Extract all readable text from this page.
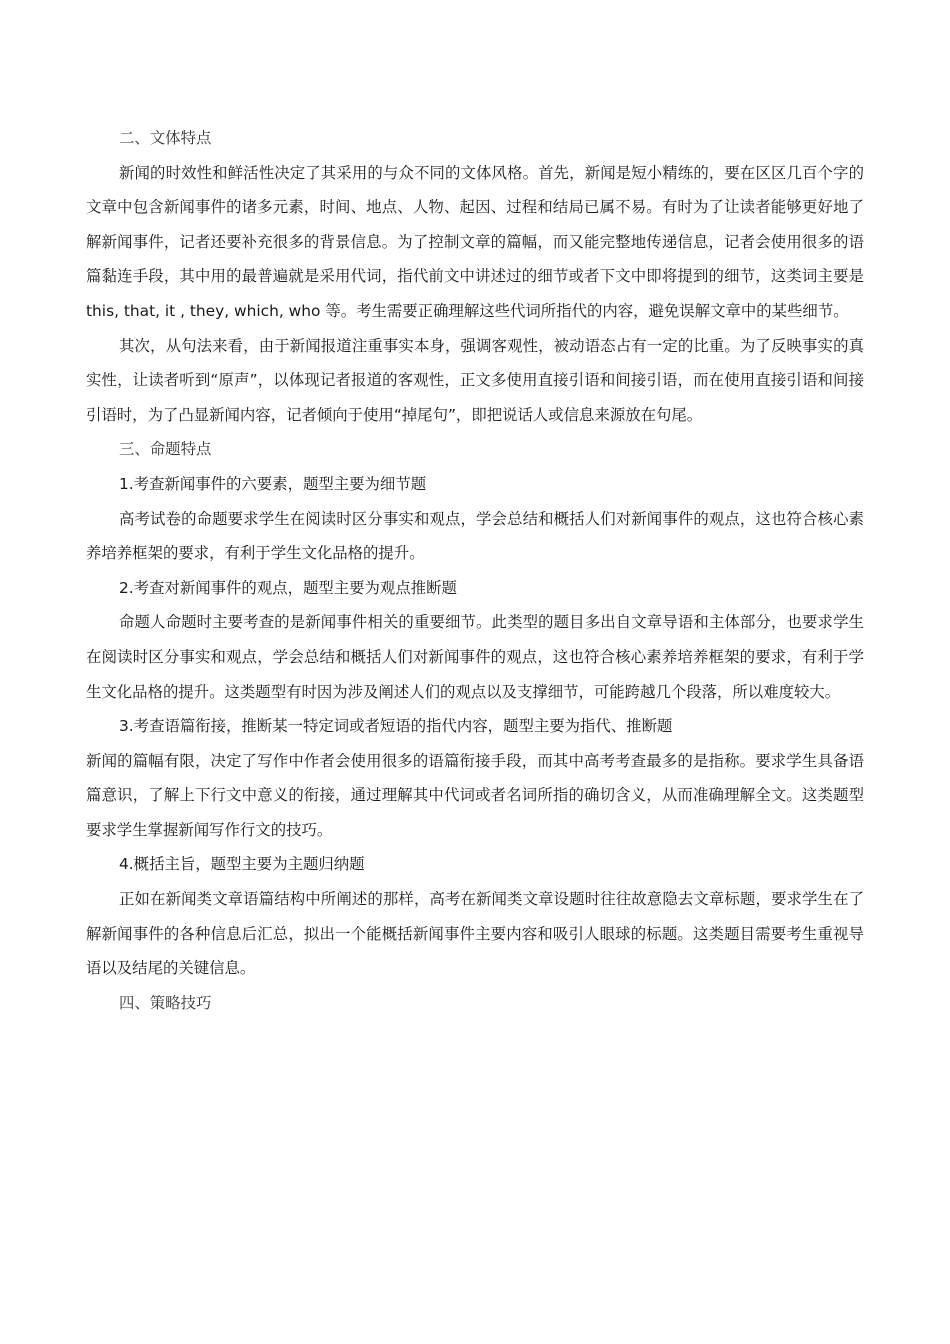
二、文体特点

新闻的时效性和鲜活性决定了其采用的与众不同的文体风格。首先，新闻是短小精练的，要在区区几百个字的文章中包含新闻事件的诸多元素，时间、地点、人物、起因、过程和结局已属不易。有时为了让读者能够更好地了解新闻事件，记者还要补充很多的背景信息。为了控制文章的篇幅，而又能完整地传递信息，记者会使用很多的语篇黏连手段，其中用的最普遍就是采用代词，指代前文中讲述过的细节或者下文中即将提到的细节，这类词主要是 this, that, it , they, which, who 等。考生需要正确理解这些代词所指代的内容，避免误解文章中的某些细节。

其次，从句法来看，由于新闻报道注重事实本身，强调客观性，被动语态占有一定的比重。为了反映事实的真实性，让读者听到“原声”，以体现记者报道的客观性，正文多使用直接引语和间接引语，而在使用直接引语和间接引语时，为了凸显新闻内容，记者倾向于使用“掉尾句”，即把说话人或信息来源放在句尾。

三、命题特点

1.考查新闻事件的六要素，题型主要为细节题

高考试卷的命题要求学生在阅读时区分事实和观点，学会总结和概括人们对新闻事件的观点，这也符合核心素养培养框架的要求，有利于学生文化品格的提升。

2.考查对新闻事件的观点，题型主要为观点推断题

命题人命题时主要考查的是新闻事件相关的重要细节。此类型的题目多出自文章导语和主体部分，也要求学生在阅读时区分事实和观点，学会总结和概括人们对新闻事件的观点，这也符合核心素养培养框架的要求，有利于学生文化品格的提升。这类题型有时因为涉及阐述人们的观点以及支撑细节，可能跨越几个段落，所以难度较大。

3.考查语篇衔接，推断某一特定词或者短语的指代内容，题型主要为指代、推断题

新闻的篇幅有限，决定了写作中作者会使用很多的语篇衔接手段，而其中高考考查最多的是指称。要求学生具备语篇意识，了解上下行文中意义的衔接，通过理解其中代词或者名词所指的确切含义，从而准确理解全文。这类题型要求学生掌握新闻写作行文的技巧。

4.概括主旨，题型主要为主题归纳题

正如在新闻类文章语篇结构中所阐述的那样，高考在新闻类文章设题时往往故意隐去文章标题，要求学生在了解新闻事件的各种信息后汇总，拟出一个能概括新闻事件主要内容和吸引人眼球的标题。这类题目需要考生重视导语以及结尾的关键信息。

四、策略技巧
